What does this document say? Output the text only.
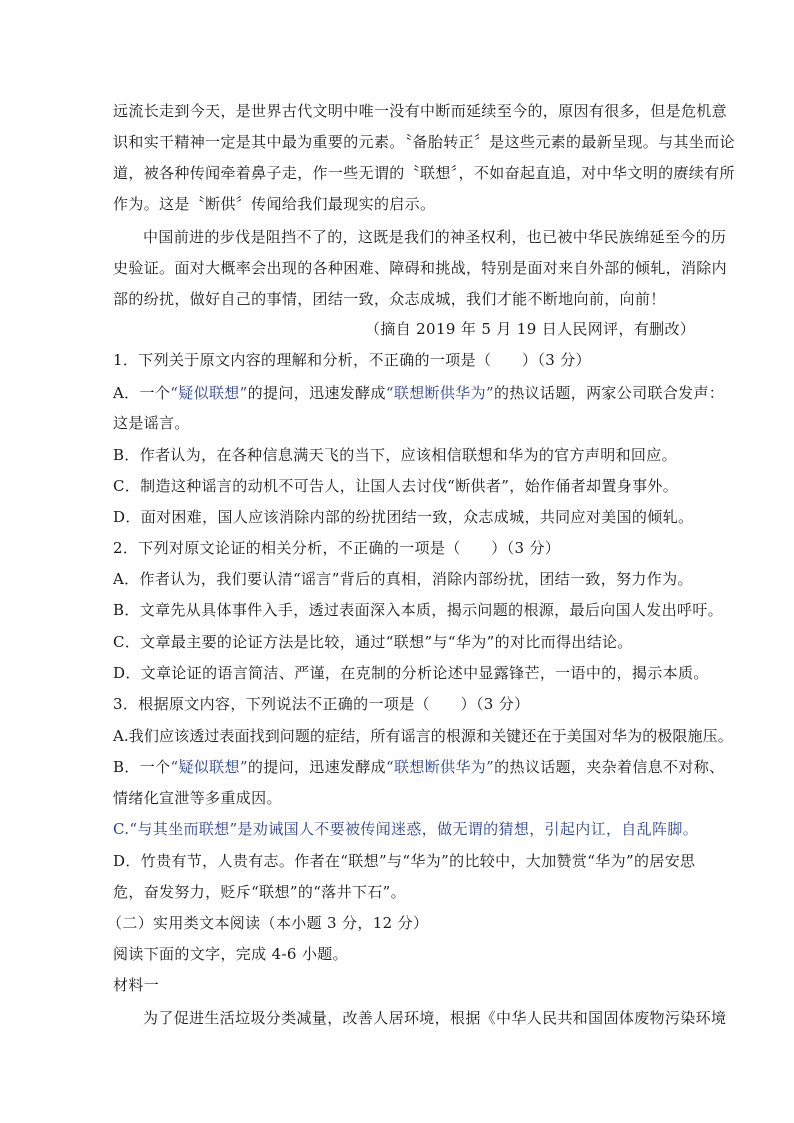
远流长走到今天，是世界古代文明中唯一没有中断而延续至今的，原因有很多，但是危机意
识和实干精神一定是其中最为重要的元素。〝备胎转正〞是这些元素的最新呈现。与其坐而论
道，被各种传闻牵着鼻子走，作一些无谓的〝联想〞，不如奋起直追，对中华文明的赓续有所
作为。这是〝断供〞传闻给我们最现实的启示。
中国前进的步伐是阻挡不了的，这既是我们的神圣权利，也已被中华民族绵延至今的历
史验证。面对大概率会出现的各种困难、障碍和挑战，特别是面对来自外部的倾轧，消除内
部的纷扰，做好自己的事情，团结一致，众志成城，我们才能不断地向前，向前！
（摘自 2019 年 5 月 19 日人民网评，有删改）
1．下列关于原文内容的理解和分析，不正确的一项是（　　）（3 分）
A．一个“疑似联想”的提问，迅速发酵成“联想断供华为”的热议话题，两家公司联合发声：
这是谣言。
B．作者认为，在各种信息满天飞的当下，应该相信联想和华为的官方声明和回应。
C．制造这种谣言的动机不可告人，让国人去讨伐“断供者”，始作俑者却置身事外。
D．面对困难，国人应该消除内部的纷扰团结一致，众志成城，共同应对美国的倾轧。
2．下列对原文论证的相关分析，不正确的一项是（　　）（3 分）
A．作者认为，我们要认清“谣言”背后的真相，消除内部纷扰，团结一致，努力作为。
B．文章先从具体事件入手，透过表面深入本质，揭示问题的根源，最后向国人发出呼吁。
C．文章最主要的论证方法是比较，通过“联想”与“华为”的对比而得出结论。
D．文章论证的语言简洁、严谨，在克制的分析论述中显露锋芒，一语中的，揭示本质。
3．根据原文内容，下列说法不正确的一项是（　　）（3 分）
A.我们应该透过表面找到问题的症结，所有谣言的根源和关键还在于美国对华为的极限施压。
B．一个“疑似联想”的提问，迅速发酵成“联想断供华为”的热议话题，夹杂着信息不对称、
情绪化宣泄等多重成因。
C.“与其坐而联想”是劝诫国人不要被传闻迷惑，做无谓的猜想，引起内讧，自乱阵脚。
D．竹贵有节，人贵有志。作者在“联想”与“华为”的比较中，大加赞赏“华为”的居安思
危，奋发努力，贬斥“联想”的“落井下石”。
（二）实用类文本阅读（本小题 3 分，12 分）
阅读下面的文字，完成 4-6 小题。
材料一
为了促进生活垃圾分类减量，改善人居环境，根据《中华人民共和国固体废物污染环境
